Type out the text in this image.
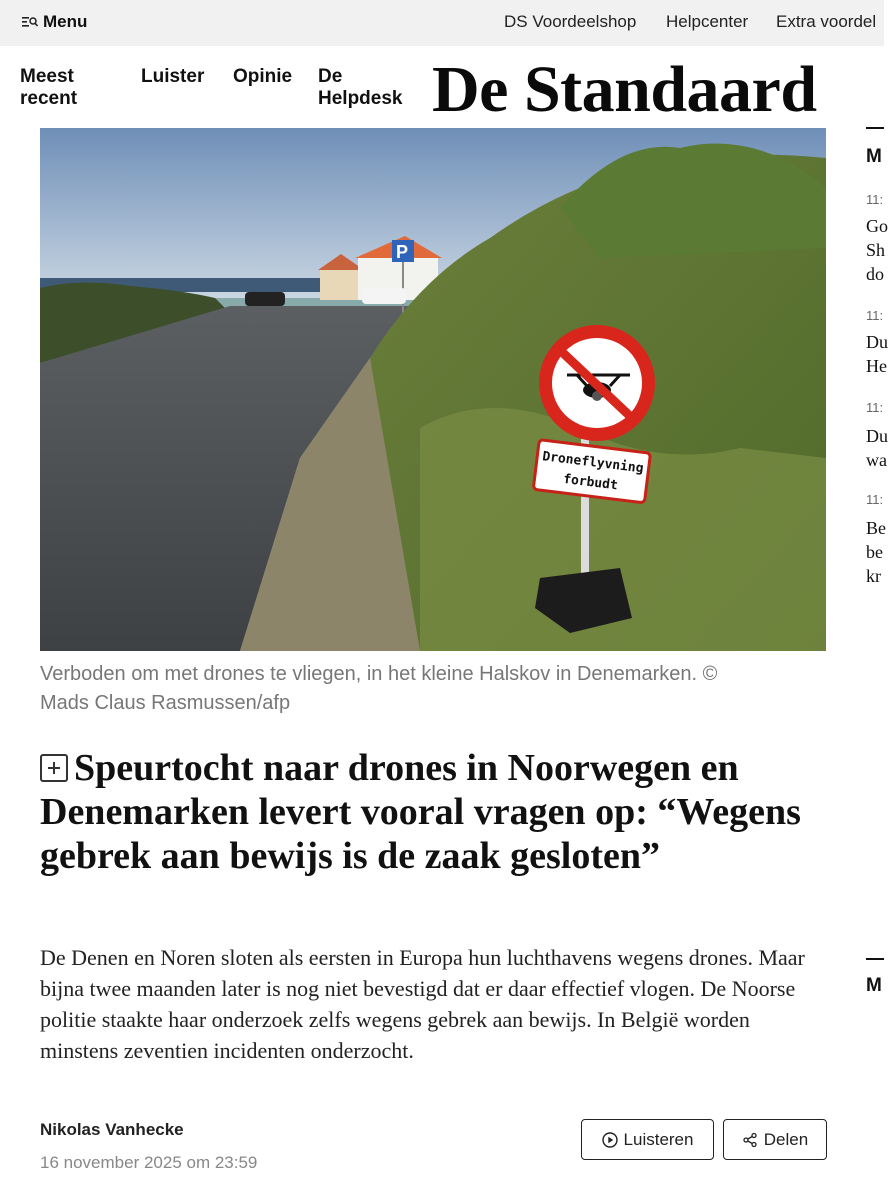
Menu	DS Voordeelshop Helpcenter Extra voordel
Meest recent
Luister Opinie De Helpdesk De Standaard
P
Droneflyvning
forbudt
Verboden om met drones te vliegen, in het kleine Halskov in Denemarken. © Mads Claus Rasmussen/afp
Speurtocht naar drones in Noorwegen en Denemarken levert vooral vragen op: “Wegens gebrek aan bewijs is de zaak gesloten”

De Denen en Noren sloten als eersten in Europa hun luchthavens wegens drones. Maar bijna twee maanden later is nog niet bevestigd dat er daar effectief vlogen. De Noorse politie staakte haar onderzoek zelfs wegens gebrek aan bewijs. In België worden minstens zeventien incidenten onderzocht.

Nikolas Vanhecke
16 november 2025 om 23:59
Luisteren	Delen
M
11:
Go
Sh
do
11:
Du
He
11:
Du
wa
11:
Be
be
kr
M
